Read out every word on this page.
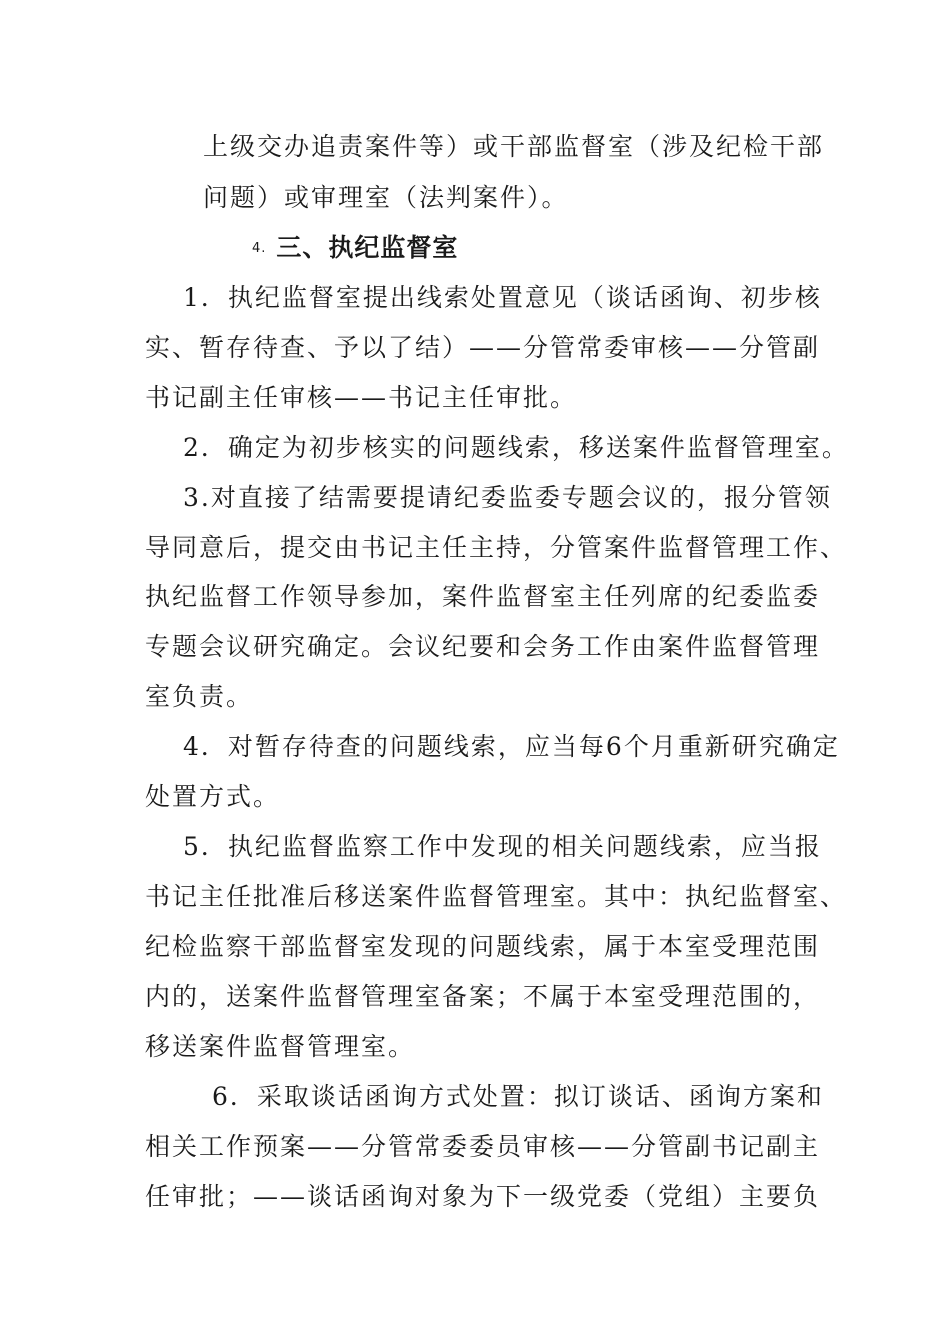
上级交办追责案件等）或干部监督室（涉及纪检干部
问题）或审理室（法判案件）。
4. 三、执纪监督室
1．执纪监督室提出线索处置意见（谈话函询、初步核
实、暂存待查、予以了结）——分管常委审核——分管副
书记副主任审核——书记主任审批。
2．确定为初步核实的问题线索，移送案件监督管理室。
3.对直接了结需要提请纪委监委专题会议的，报分管领
导同意后，提交由书记主任主持，分管案件监督管理工作、
执纪监督工作领导参加，案件监督室主任列席的纪委监委
专题会议研究确定。会议纪要和会务工作由案件监督管理
室负责。
4．对暂存待查的问题线索，应当每6个月重新研究确定
处置方式。
5．执纪监督监察工作中发现的相关问题线索，应当报
书记主任批准后移送案件监督管理室。其中：执纪监督室、
纪检监察干部监督室发现的问题线索，属于本室受理范围
内的，送案件监督管理室备案；不属于本室受理范围的，
移送案件监督管理室。
6．采取谈话函询方式处置：拟订谈话、函询方案和
相关工作预案——分管常委委员审核——分管副书记副主
任审批；——谈话函询对象为下一级党委（党组）主要负
